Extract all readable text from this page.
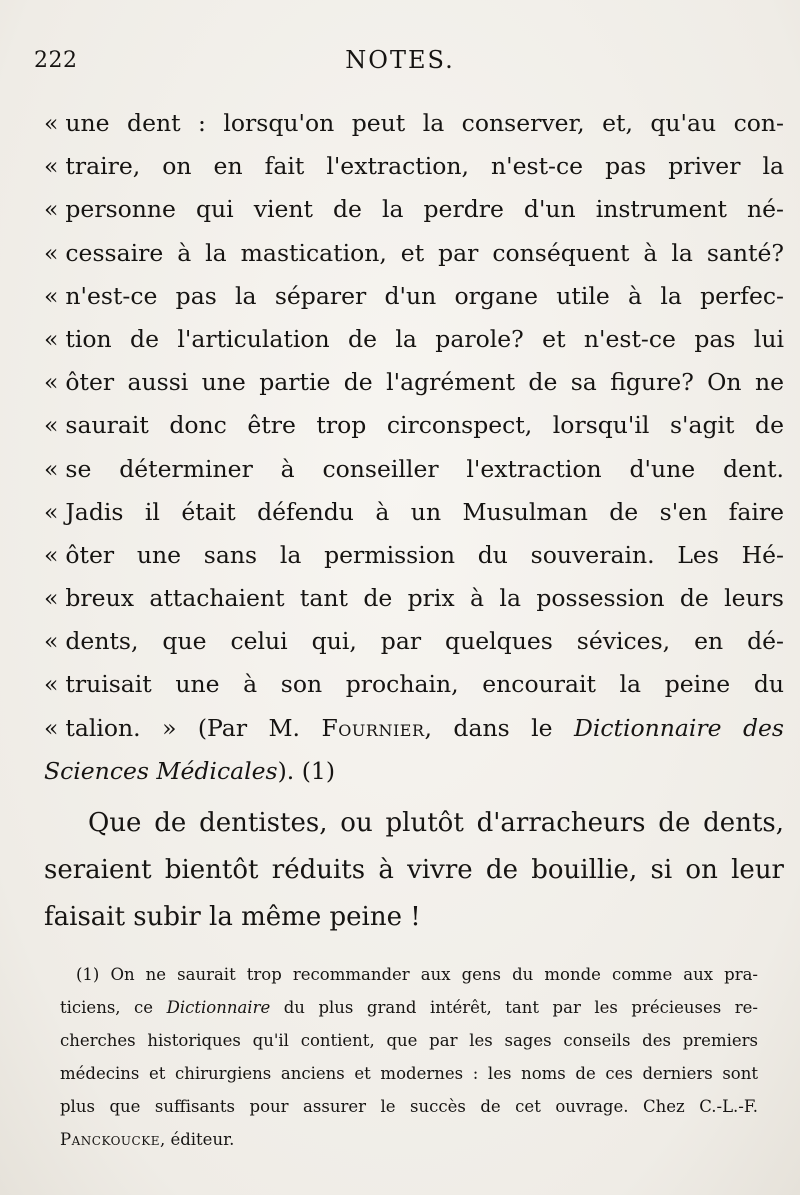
222	NOTES.
« une dent : lorsqu'on peut la conserver, et, qu'au con-
« traire, on en fait l'extraction, n'est-ce pas priver la
« personne qui vient de la perdre d'un instrument né-
« cessaire à la mastication, et par conséquent à la santé?
« n'est-ce pas la séparer d'un organe utile à la perfec-
« tion de l'articulation de la parole? et n'est-ce pas lui
« ôter aussi une partie de l'agrément de sa figure? On ne
« saurait donc être trop circonspect, lorsqu'il s'agit de
« se déterminer à conseiller l'extraction d'une dent.
« Jadis il était défendu à un Musulman de s'en faire
« ôter une sans la permission du souverain. Les Hé-
« breux attachaient tant de prix à la possession de leurs
« dents, que celui qui, par quelques sévices, en dé-
« truisait une à son prochain, encourait la peine du
« talion. » (Par M. Fournier, dans le Dictionnaire des
Sciences Médicales). (1)
Que de dentistes, ou plutôt d'arracheurs de dents,
seraient bientôt réduits à vivre de bouillie, si on leur
faisait subir la même peine !
(1) On ne saurait trop recommander aux gens du monde comme aux pra-
ticiens, ce Dictionnaire du plus grand intérêt, tant par les précieuses re-
cherches historiques qu'il contient, que par les sages conseils des premiers
médecins et chirurgiens anciens et modernes : les noms de ces derniers sont
plus que suffisants pour assurer le succès de cet ouvrage. Chez C.-L.-F.
Panckoucke, éditeur.
